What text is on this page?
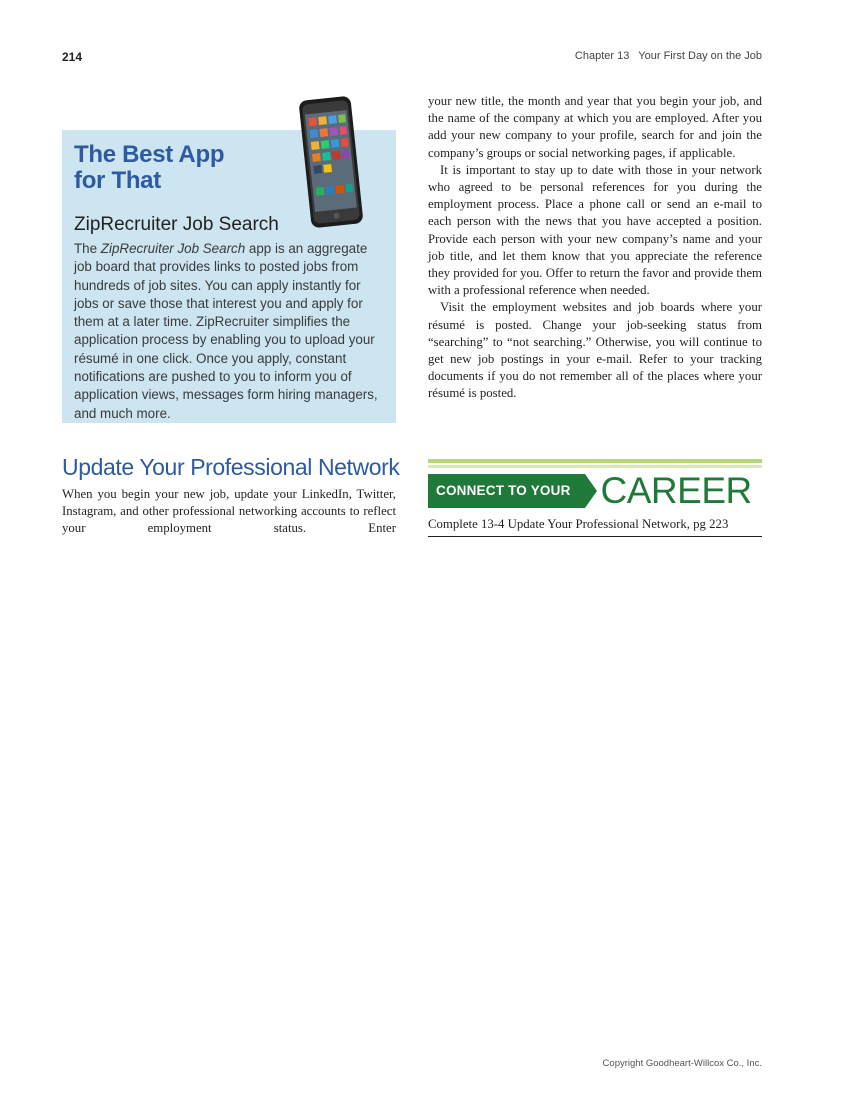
214	Chapter 13   Your First Day on the Job
The Best App
for That
ZipRecruiter Job Search
The ZipRecruiter Job Search app is an aggregate job board that provides links to posted jobs from hundreds of job sites. You can apply instantly for jobs or save those that interest you and apply for them at a later time. ZipRecruiter simplifies the application process by enabling you to upload your résumé in one click. Once you apply, constant notifications are pushed to you to inform you of application views, messages form hiring managers, and much more.
Update Your Professional Network
When you begin your new job, update your LinkedIn, Twitter, Instagram, and other professional networking accounts to reflect your employment status. Enter

your new title, the month and year that you begin your job, and the name of the company at which you are employed. After you add your new company to your profile, search for and join the company’s groups or social networking pages, if applicable.

It is important to stay up to date with those in your network who agreed to be personal references for you during the employment process. Place a phone call or send an e-mail to each person with the news that you have accepted a position. Provide each person with your new company’s name and your job title, and let them know that you appreciate the reference they provided for you. Offer to return the favor and provide them with a professional reference when needed.

Visit the employment websites and job boards where your résumé is posted. Change your job-seeking status from “searching” to “not searching.” Otherwise, you will continue to get new job postings in your e-mail. Refer to your tracking documents if you do not remember all of the places where your résumé is posted.

CONNECT TO YOUR CAREER
Complete 13-4 Update Your Professional Network, pg 223
Copyright Goodheart-Willcox Co., Inc.
